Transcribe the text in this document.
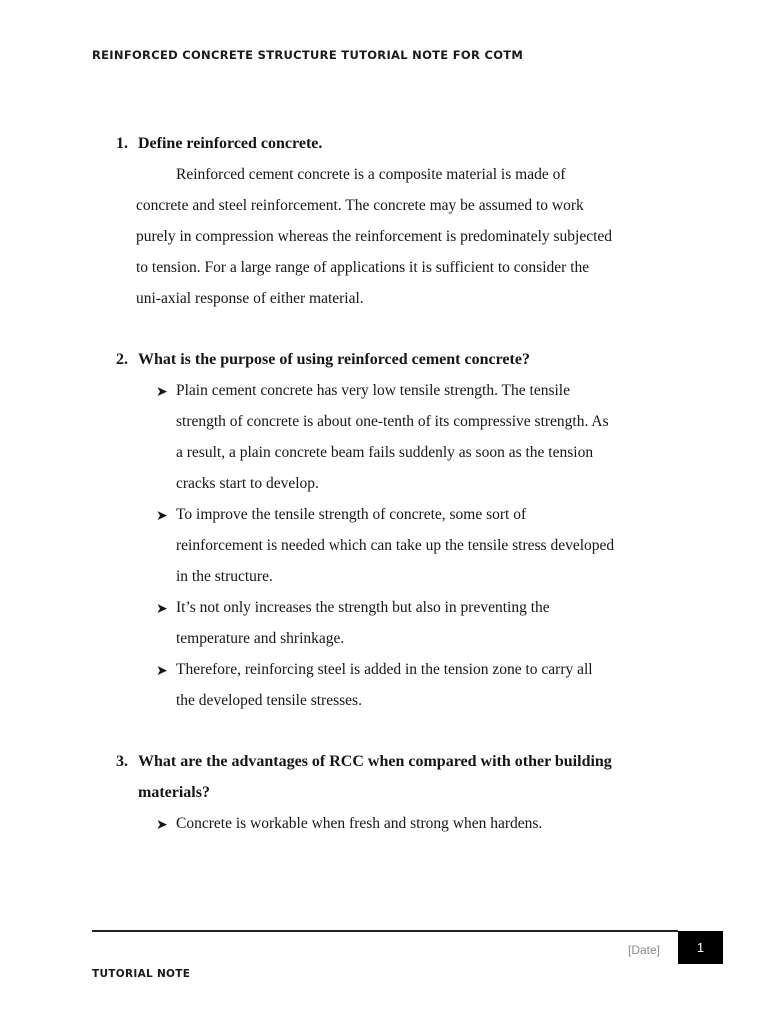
REINFORCED CONCRETE STRUCTURE TUTORIAL NOTE FOR COTM
1. Define reinforced concrete.
Reinforced cement concrete is a composite material is made of
concrete and steel reinforcement. The concrete may be assumed to work
purely in compression whereas the reinforcement is predominately subjected
to tension. For a large range of applications it is sufficient to consider the
uni-axial response of either material.
2. What is the purpose of using reinforced cement concrete?
➤ Plain cement concrete has very low tensile strength. The tensile
strength of concrete is about one-tenth of its compressive strength. As
a result, a plain concrete beam fails suddenly as soon as the tension
cracks start to develop.
➤ To improve the tensile strength of concrete, some sort of
reinforcement is needed which can take up the tensile stress developed
in the structure.
➤ It’s not only increases the strength but also in preventing the
temperature and shrinkage.
➤ Therefore, reinforcing steel is added in the tension zone to carry all
the developed tensile stresses.
3. What are the advantages of RCC when compared with other building
materials?
➤ Concrete is workable when fresh and strong when hardens.
[Date]	1
TUTORIAL NOTE
